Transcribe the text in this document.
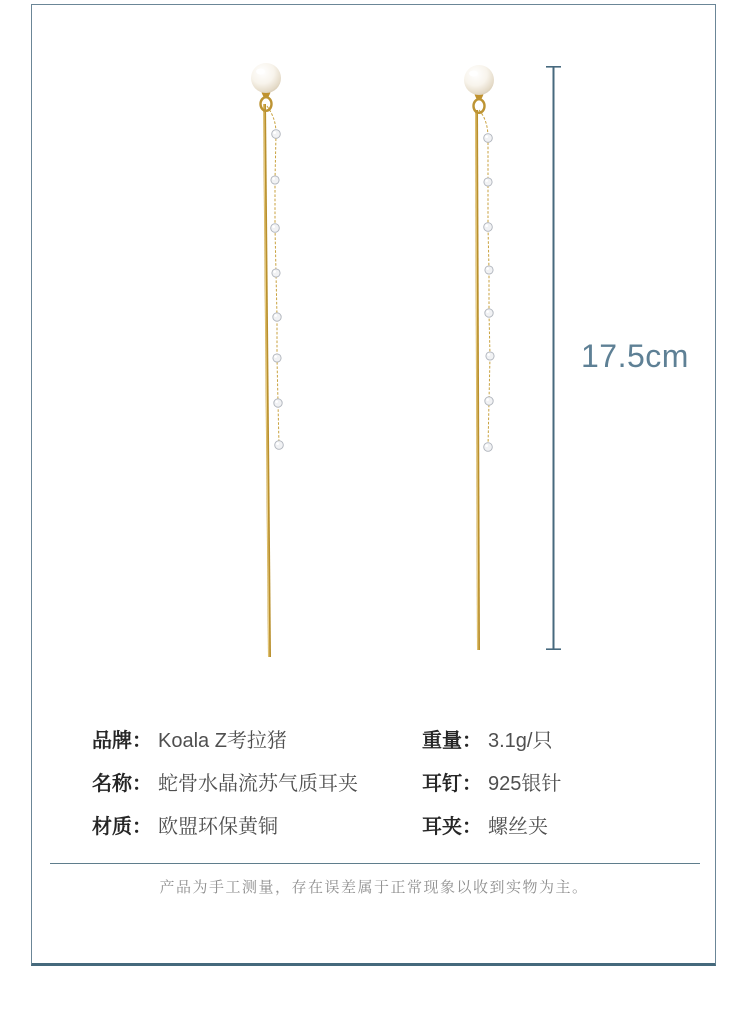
17.5cm
品牌： Koala Z考拉猪
名称： 蛇骨水晶流苏气质耳夹
材质： 欧盟环保黄铜
重量： 3.1g/只
耳钉： 925银针
耳夹： 螺丝夹
产品为手工测量，存在误差属于正常现象以收到实物为主。
